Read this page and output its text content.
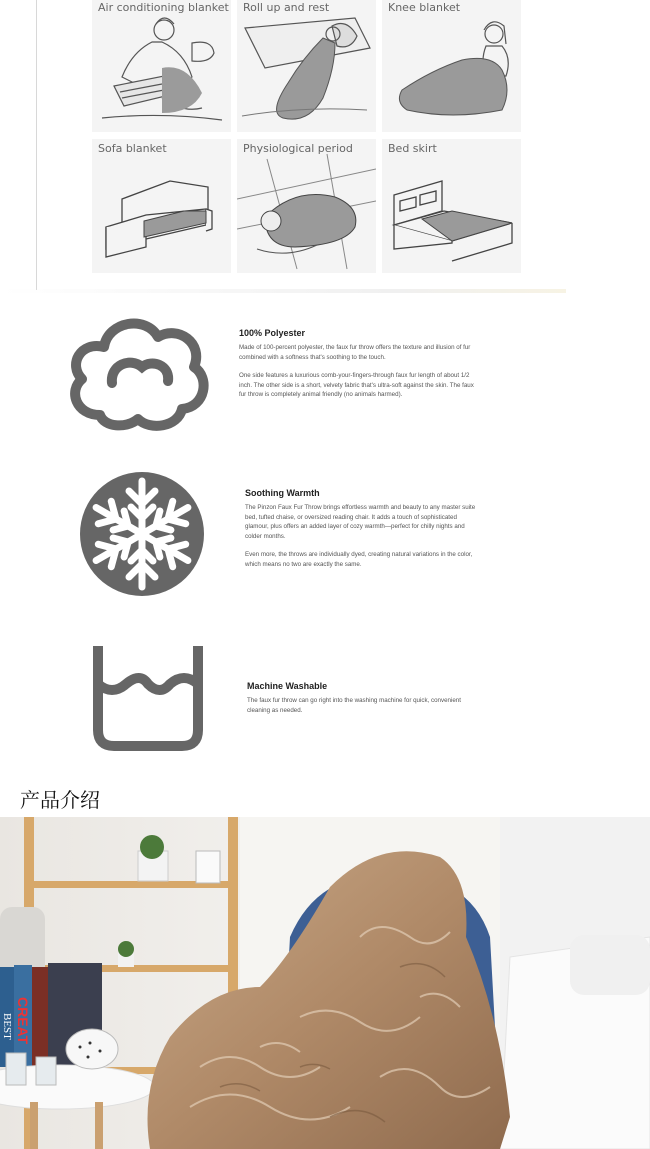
Air conditioning blanket Roll up and rest	Knee blanket
Sofa blanket	Physiological period	Bed skirt
100% Polyester

Made of 100-percent polyester, the faux fur throw offers the texture and illusion of fur combined with a softness that's soothing to the touch.

One side features a luxurious comb-your-fingers-through faux fur length of about 1/2 inch. The other side is a short, velvety fabric that's ultra-soft against the skin. The faux fur throw is completely animal friendly (no animals harmed).

Soothing Warmth

The Pinzon Faux Fur Throw brings effortless warmth and beauty to any master suite bed, tufted chaise, or oversized reading chair. It adds a touch of sophisticated glamour, plus offers an added layer of cozy warmth—perfect for chilly nights and colder months.

Even more, the throws are individually dyed, creating natural variations in the color, which means no two are exactly the same.

Machine Washable

The faux fur throw can go right into the washing machine for quick, convenient cleaning as needed.

产品介绍
BEST CREAT
